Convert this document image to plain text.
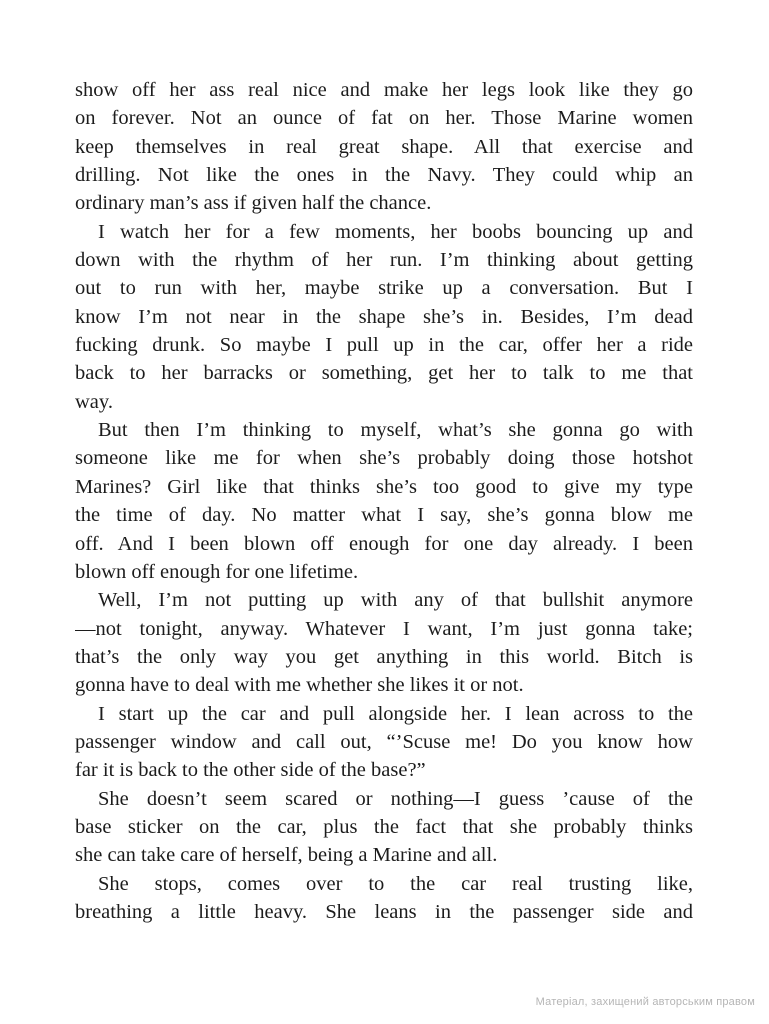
show off her ass real nice and make her legs look like they go
on forever. Not an ounce of fat on her. Those Marine women
keep themselves in real great shape. All that exercise and
drilling. Not like the ones in the Navy. They could whip an
ordinary man’s ass if given half the chance.
I watch her for a few moments, her boobs bouncing up and
down with the rhythm of her run. I’m thinking about getting
out to run with her, maybe strike up a conversation. But I
know I’m not near in the shape she’s in. Besides, I’m dead
fucking drunk. So maybe I pull up in the car, offer her a ride
back to her barracks or something, get her to talk to me that
way.
But then I’m thinking to myself, what’s she gonna go with
someone like me for when she’s probably doing those hotshot
Marines? Girl like that thinks she’s too good to give my type
the time of day. No matter what I say, she’s gonna blow me
off. And I been blown off enough for one day already. I been
blown off enough for one lifetime.
Well, I’m not putting up with any of that bullshit anymore
—not tonight, anyway. Whatever I want, I’m just gonna take;
that’s the only way you get anything in this world. Bitch is
gonna have to deal with me whether she likes it or not.
I start up the car and pull alongside her. I lean across to the
passenger window and call out, “’Scuse me! Do you know how
far it is back to the other side of the base?”
She doesn’t seem scared or nothing—I guess ’cause of the
base sticker on the car, plus the fact that she probably thinks
she can take care of herself, being a Marine and all.
She stops, comes over to the car real trusting like,
breathing a little heavy. She leans in the passenger side and
Матеріал, захищений авторським правом
